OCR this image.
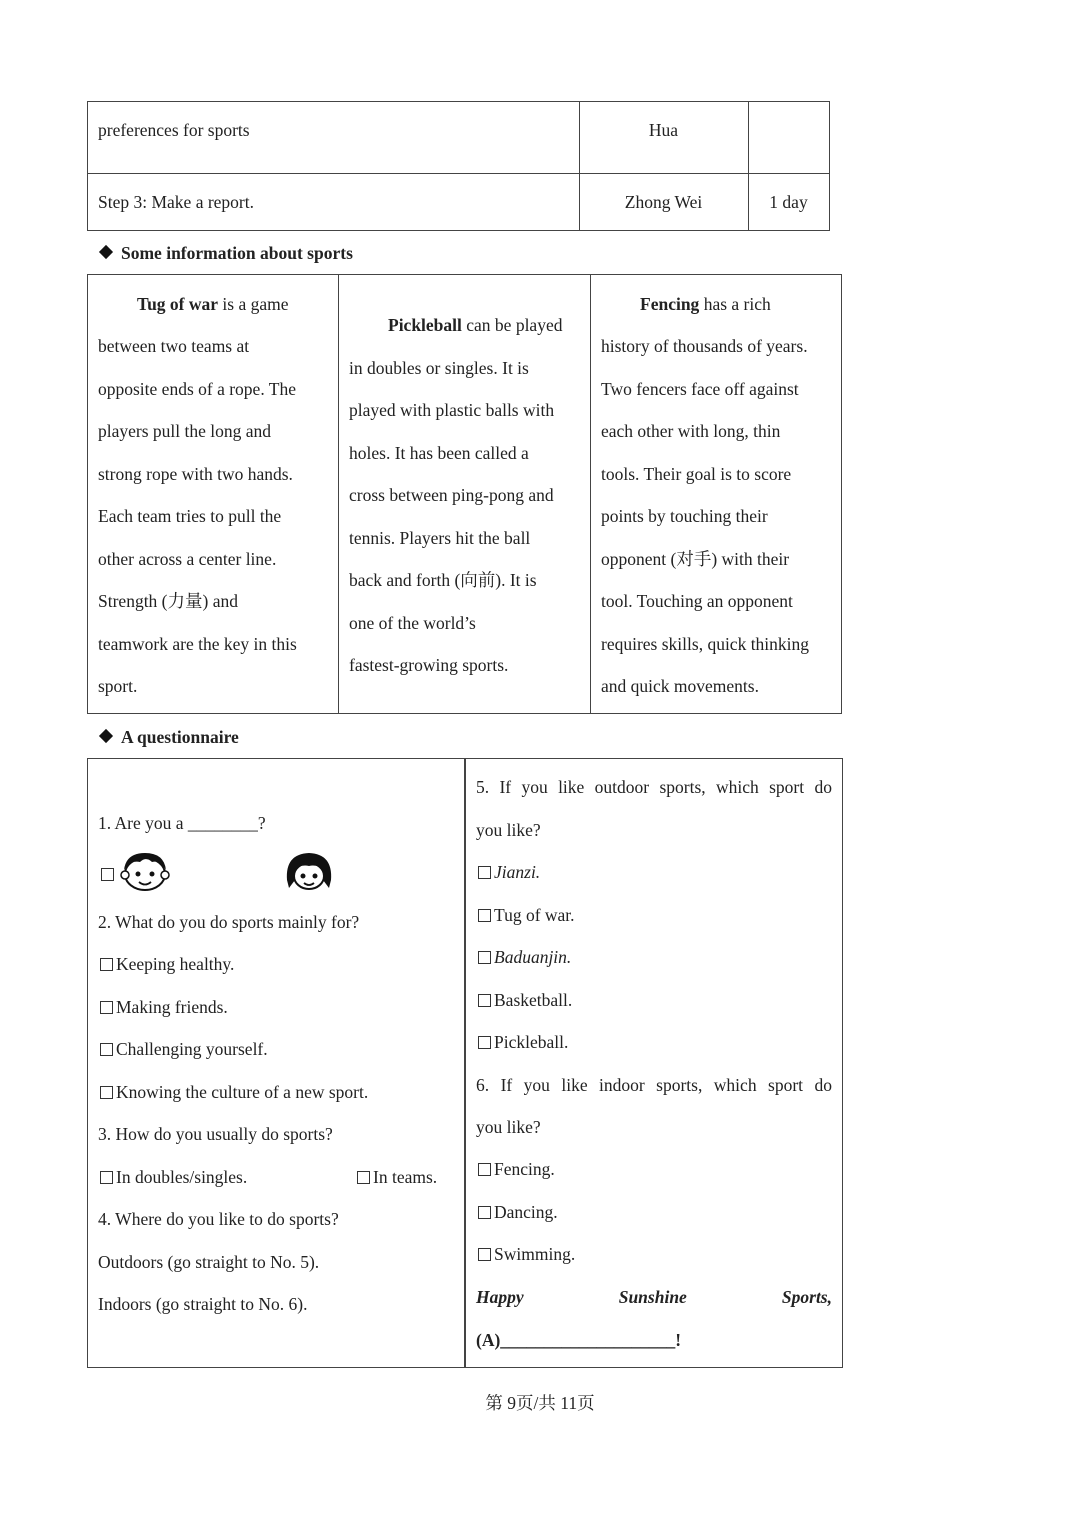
preferences for sports	Hua
Step 3: Make a report.	Zhong Wei	1 day
Some information about sports
Tug of war is a game
between two teams at
opposite ends of a rope. The
players pull the long and
strong rope with two hands.
Each team tries to pull the
other across a center line.
Strength (力量) and
teamwork are the key in this
sport.
Pickleball can be played
in doubles or singles. It is
played with plastic balls with
holes. It has been called a
cross between ping-pong and
tennis. Players hit the ball
back and forth (向前). It is
one of the world’s
fastest-growing sports.
Fencing has a rich
history of thousands of years.
Two fencers face off against
each other with long, thin
tools. Their goal is to score
points by touching their
opponent (对手) with their
tool. Touching an opponent
requires skills, quick thinking
and quick movements.
A questionnaire
1. Are you a ________?

2. What do you do sports mainly for?
Keeping healthy.
Making friends.
Challenging yourself.
Knowing the culture of a new sport.
3. How do you usually do sports?
In doubles/singles.	In teams.
4. Where do you like to do sports?
Outdoors (go straight to No. 5).
Indoors (go straight to No. 6).
5. If you like outdoor sports, which sport do
you like?
Jianzi.
Tug of war.
Baduanjin.
Basketball.
Pickleball.
6. If you like indoor sports, which sport do
you like?
Fencing.
Dancing.
Swimming.
Happy	Sunshine	Sports,
(A)____________________!
第 9页/共 11页
